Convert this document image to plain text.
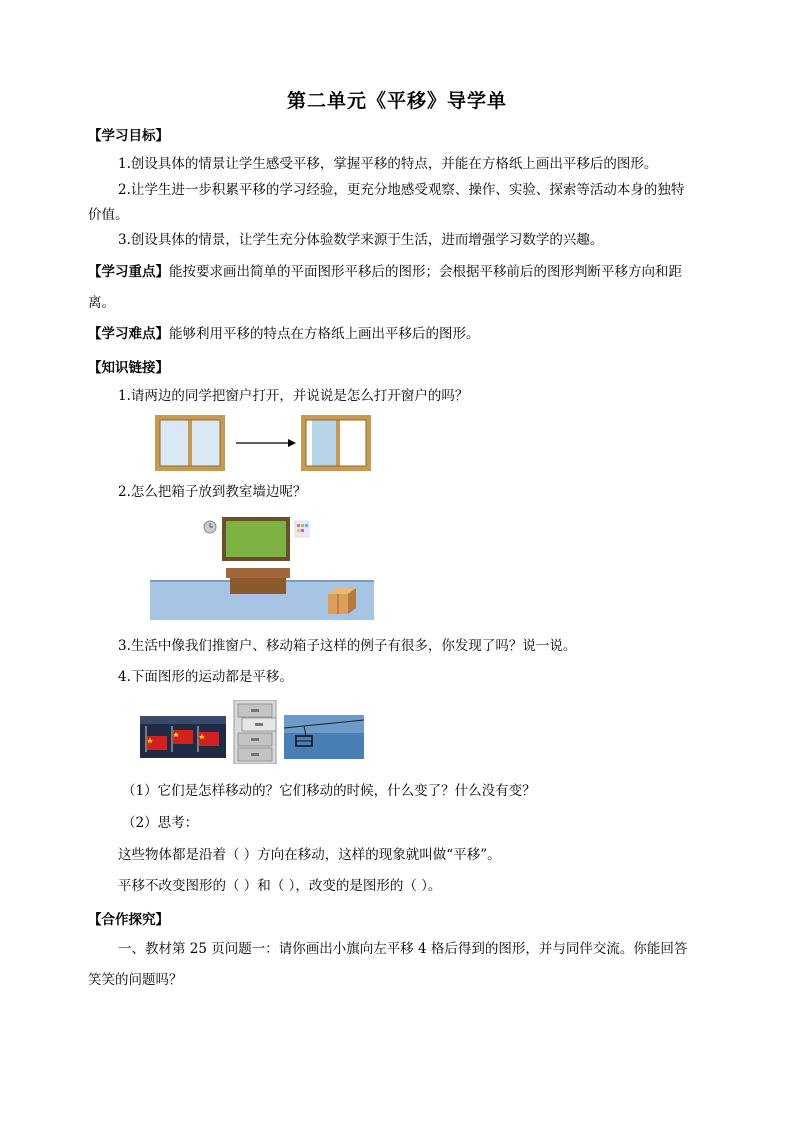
第二单元《平移》导学单
【学习目标】
1.创设具体的情景让学生感受平移，掌握平移的特点，并能在方格纸上画出平移后的图形。
2.让学生进一步积累平移的学习经验，更充分地感受观察、操作、实验、探索等活动本身的独特
价值。
3.创设具体的情景，让学生充分体验数学来源于生活，进而增强学习数学的兴趣。
【学习重点】能按要求画出简单的平面图形平移后的图形；会根据平移前后的图形判断平移方向和距
离。
【学习难点】能够利用平移的特点在方格纸上画出平移后的图形。
【知识链接】
1.请两边的同学把窗户打开，并说说是怎么打开窗户的吗？
2.怎么把箱子放到教室墙边呢？
3.生活中像我们推窗户、移动箱子这样的例子有很多，你发现了吗？说一说。
4.下面图形的运动都是平移。
（1）它们是怎样移动的？它们移动的时候，什么变了？什么没有变？
（2）思考：
这些物体都是沿着（ ）方向在移动，这样的现象就叫做“平移”。
平移不改变图形的（ ）和（ ），改变的是图形的（ ）。
【合作探究】
一、教材第 25 页问题一：请你画出小旗向左平移 4 格后得到的图形，并与同伴交流。你能回答
笑笑的问题吗？
